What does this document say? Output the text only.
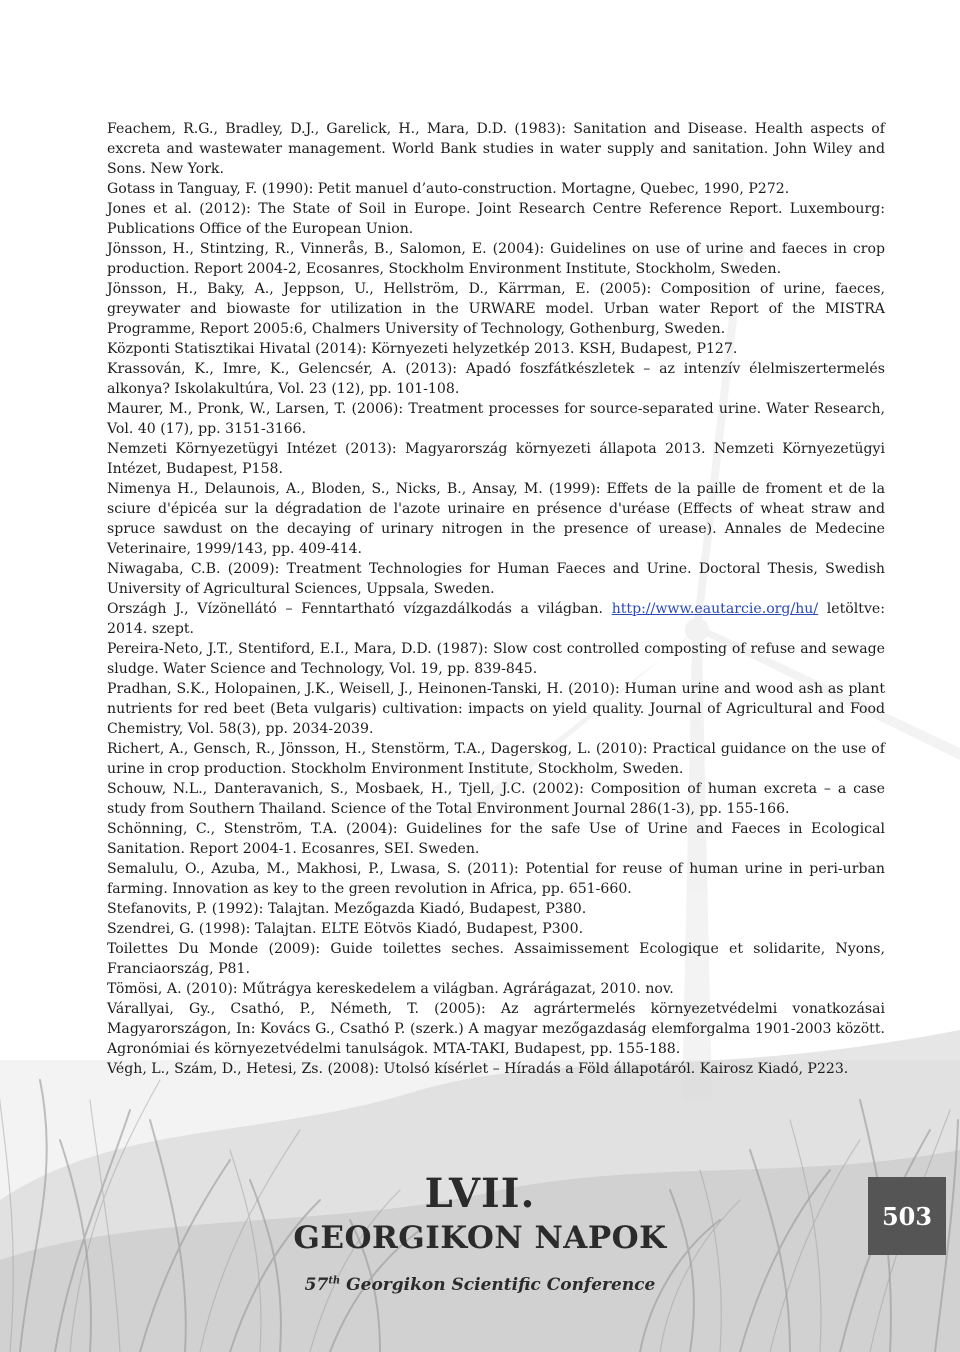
Feachem, R.G., Bradley, D.J., Garelick, H., Mara, D.D. (1983): Sanitation and Disease. Health aspects of excreta and wastewater management. World Bank studies in water supply and sanitation. John Wiley and Sons. New York.
Gotass in Tanguay, F. (1990): Petit manuel d’auto-construction. Mortagne, Quebec, 1990, P272.
Jones et al. (2012): The State of Soil in Europe. Joint Research Centre Reference Report. Luxembourg: Publications Office of the European Union.
Jönsson, H., Stintzing, R., Vinnerås, B., Salomon, E. (2004): Guidelines on use of urine and faeces in crop production. Report 2004-2, Ecosanres, Stockholm Environment Institute, Stockholm, Sweden.
Jönsson, H., Baky, A., Jeppson, U., Hellström, D., Kärrman, E. (2005): Composition of urine, faeces, greywater and biowaste for utilization in the URWARE model. Urban water Report of the MISTRA Programme, Report 2005:6, Chalmers University of Technology, Gothenburg, Sweden.
Központi Statisztikai Hivatal (2014): Környezeti helyzetkép 2013. KSH, Budapest, P127.
Krassován, K., Imre, K., Gelencsér, A. (2013): Apadó foszfátkészletek – az intenzív élelmiszertermelés alkonya? Iskolakultúra, Vol. 23 (12), pp. 101-108.
Maurer, M., Pronk, W., Larsen, T. (2006): Treatment processes for source-separated urine. Water Research, Vol. 40 (17), pp. 3151-3166.
Nemzeti Környezetügyi Intézet (2013): Magyarország környezeti állapota 2013. Nemzeti Környezetügyi Intézet, Budapest, P158.
Nimenya H., Delaunois, A., Bloden, S., Nicks, B., Ansay, M. (1999): Effets de la paille de froment et de la sciure d'épicéa sur la dégradation de l'azote urinaire en présence d'uréase (Effects of wheat straw and spruce sawdust on the decaying of urinary nitrogen in the presence of urease). Annales de Medecine Veterinaire, 1999/143, pp. 409-414.
Niwagaba, C.B. (2009): Treatment Technologies for Human Faeces and Urine. Doctoral Thesis, Swedish University of Agricultural Sciences, Uppsala, Sweden.
Országh J., Vízönellátó – Fenntartható vízgazdálkodás a világban. http://www.eautarcie.org/hu/ letöltve: 2014. szept.
Pereira-Neto, J.T., Stentiford, E.I., Mara, D.D. (1987): Slow cost controlled composting of refuse and sewage sludge. Water Science and Technology, Vol. 19, pp. 839-845.
Pradhan, S.K., Holopainen, J.K., Weisell, J., Heinonen-Tanski, H. (2010): Human urine and wood ash as plant nutrients for red beet (Beta vulgaris) cultivation: impacts on yield quality. Journal of Agricultural and Food Chemistry, Vol. 58(3), pp. 2034-2039.
Richert, A., Gensch, R., Jönsson, H., Stenstörm, T.A., Dagerskog, L. (2010): Practical guidance on the use of urine in crop production. Stockholm Environment Institute, Stockholm, Sweden.
Schouw, N.L., Danteravanich, S., Mosbaek, H., Tjell, J.C. (2002): Composition of human excreta – a case study from Southern Thailand. Science of the Total Environment Journal 286(1-3), pp. 155-166.
Schönning, C., Stenström, T.A. (2004): Guidelines for the safe Use of Urine and Faeces in Ecological Sanitation. Report 2004-1. Ecosanres, SEI. Sweden.
Semalulu, O., Azuba, M., Makhosi, P., Lwasa, S. (2011): Potential for reuse of human urine in peri-urban farming. Innovation as key to the green revolution in Africa, pp. 651-660.
Stefanovits, P. (1992): Talajtan. Mezőgazda Kiadó, Budapest, P380.
Szendrei, G. (1998): Talajtan. ELTE Eötvös Kiadó, Budapest, P300.
Toilettes Du Monde (2009): Guide toilettes seches. Assaimissement Ecologique et solidarite, Nyons, Franciaország, P81.
Tömösi, A. (2010): Műtrágya kereskedelem a világban. Agrárágazat, 2010. nov.
Várallyai, Gy., Csathó, P., Németh, T. (2005): Az agrártermelés környezetvédelmi vonatkozásai Magyarországon, In: Kovács G., Csathó P. (szerk.) A magyar mezőgazdaság elemforgalma 1901-2003 között. Agronómiai és környezetvédelmi tanulságok. MTA-TAKI, Budapest, pp. 155-188.
Végh, L., Szám, D., Hetesi, Zs. (2008): Utolsó kísérlet – Híradás a Föld állapotáról. Kairosz Kiadó, P223.
LVII.
GEORGIKON NAPOK
57th Georgikon Scientific Conference
503
